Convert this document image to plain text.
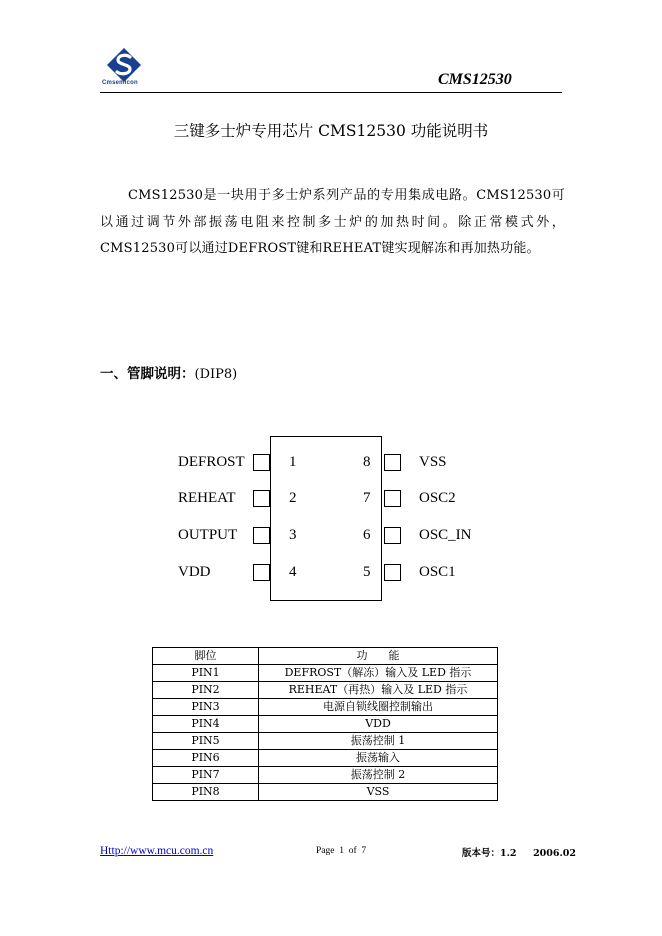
Cmsemicon	CMS12530
三键多士炉专用芯片 CMS12530 功能说明书
CMS12530是一块用于多士炉系列产品的专用集成电路。CMS12530可以通过调节外部振荡电阻来控制多士炉的加热时间。除正常模式外，CMS12530可以通过DEFROST键和REHEAT键实现解冻和再加热功能。
一、管脚说明：(DIP8)
DEFROST	1
REHEAT	2
OUTPUT	3
VDD	4
8	VSS
7	OSC2
6	OSC_IN
5	OSC1
脚位	功      能
PIN1	DEFROST（解冻）输入及 LED 指示
PIN2	REHEAT（再热）输入及 LED 指示
PIN3	电源自锁线圈控制输出
PIN4	VDD
PIN5	振荡控制 1
PIN6	振荡输入
PIN7	振荡控制 2
PIN8	VSS
Http://www.mcu.com.cn	Page  1  of  7	版本号：1.2     2006.02
